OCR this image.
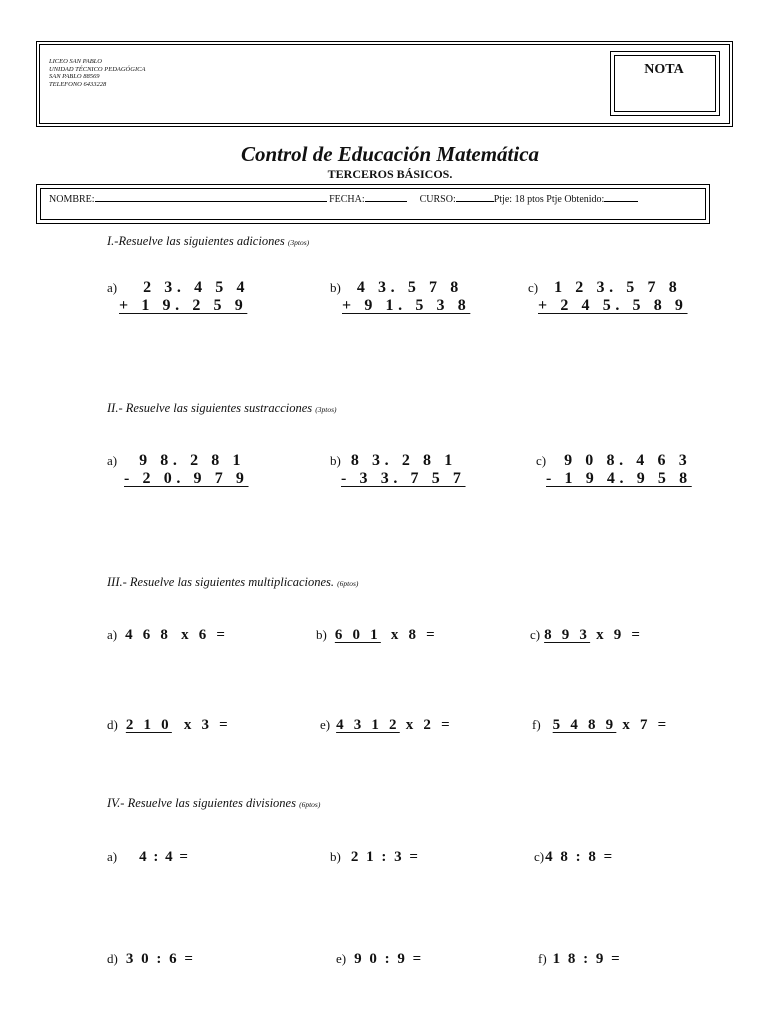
LICEO SAN PABLO
UNIDAD TÉCNICO PEDAGÓGICA
SAN PABLO 88569
TELEFONO 6433228
NOTA
Control de Educación Matemática
TERCEROS BÁSICOS.
NOMBRE:	FECHA:	CURSO:	Ptje: 18 ptos Ptje Obtenido:
I.-Resuelve las siguientes adiciones (3ptos)
a) 2 3. 4 5 4
+ 1 9. 2 5 9
b) 4 3. 5 7 8
+ 9 1. 5 3 8
c) 1 2 3. 5 7 8
+ 2 4 5. 5 8 9
II.- Resuelve las siguientes sustracciones (3ptos)
a) 9 8. 2 8 1
- 2 0. 9 7 9
b) 8 3. 2 8 1
- 3 3. 7 5 7
c) 9 0 8. 4 6 3
- 1 9 4. 9 5 8
III.- Resuelve las siguientes multiplicaciones. (6ptos)
a) 4 6 8 x 6 =	b) 6 0 1 x 8 =	c) 8 9 3 x 9 =
d) 2 1 0 x 3 =	e) 4 3 1 2 x 2 =	f) 5 4 8 9 x 7 =
IV.- Resuelve las siguientes divisiones (6ptos)
a) 4 : 4 =	b) 2 1 : 3 =	c)4 8 : 8 =
d) 3 0 : 6 =	e) 9 0 : 9 =	f) 1 8 : 9 =
